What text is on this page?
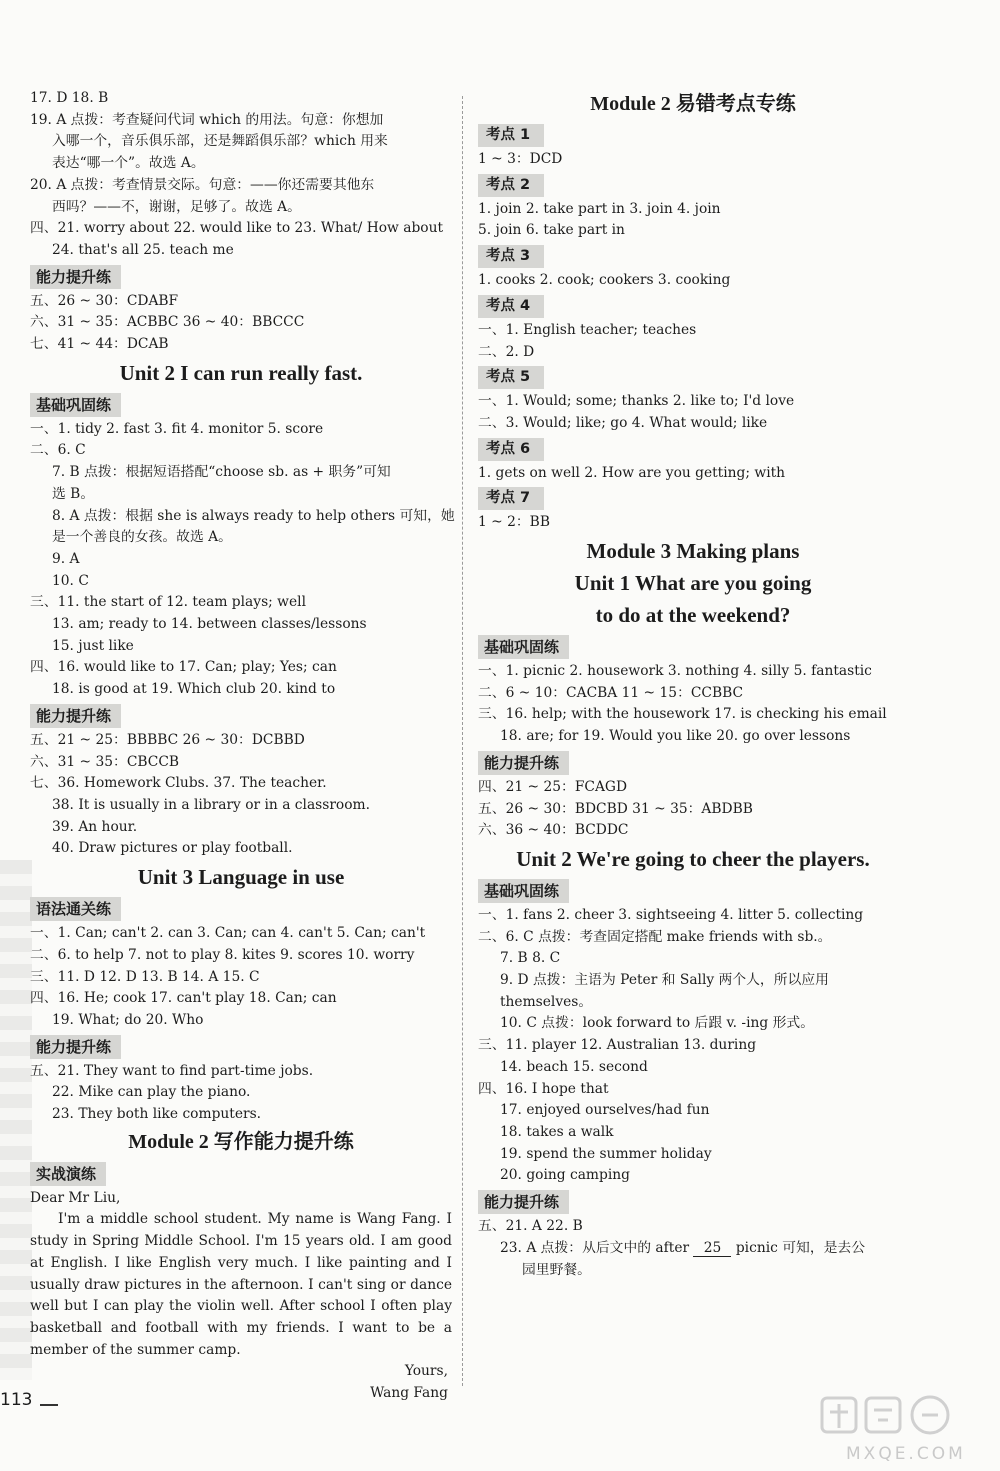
17. D 18. B
19. A 点拨：考查疑问代词 which 的用法。句意：你想加
入哪一个，音乐俱乐部，还是舞蹈俱乐部？which 用来
表达“哪一个”。故选 A。
20. A 点拨：考查情景交际。句意：——你还需要其他东
西吗？——不，谢谢，足够了。故选 A。
四、21. worry about 22. would like to 23. What/ How about
24. that's all 25. teach me
能力提升练
五、26 ~ 30：CDABF
六、31 ~ 35：ACBBC 36 ~ 40：BBCCC
七、41 ~ 44：DCAB
Unit 2 I can run really fast.
基础巩固练
一、1. tidy 2. fast 3. fit 4. monitor 5. score
二、6. C
7. B 点拨：根据短语搭配“choose sb. as + 职务”可知
选 B。
8. A 点拨：根据 she is always ready to help others 可知，她
是一个善良的女孩。故选 A。
9. A
10. C
三、11. the start of 12. team plays; well
13. am; ready to 14. between classes/lessons
15. just like
四、16. would like to 17. Can; play; Yes; can
18. is good at 19. Which club 20. kind to
能力提升练
五、21 ~ 25：BBBBC 26 ~ 30：DCBBD
六、31 ~ 35：CBCCB
七、36. Homework Clubs. 37. The teacher.
38. It is usually in a library or in a classroom.
39. An hour.
40. Draw pictures or play football.
Unit 3 Language in use
语法通关练
一、1. Can; can't 2. can 3. Can; can 4. can't 5. Can; can't
二、6. to help 7. not to play 8. kites 9. scores 10. worry
三、11. D 12. D 13. B 14. A 15. C
四、16. He; cook 17. can't play 18. Can; can
19. What; do 20. Who
能力提升练
五、21. They want to find part-time jobs.
22. Mike can play the piano.
23. They both like computers.
Module 2 写作能力提升练
实战演练
Dear Mr Liu,
I'm a middle school student. My name is Wang Fang. I study in Spring Middle School. I'm 15 years old. I am good at English. I like English very much. I like painting and I usually draw pictures in the afternoon. I can't sing or dance well but I can play the violin well. After school I often play basketball and football with my friends. I want to be a member of the summer camp.
Yours,
Wang Fang
Module 2 易错考点专练
考点 1
1 ~ 3：DCD
考点 2
1. join 2. take part in 3. join 4. join
5. join 6. take part in
考点 3
1. cooks 2. cook; cookers 3. cooking
考点 4
一、1. English teacher; teaches
二、2. D
考点 5
一、1. Would; some; thanks 2. like to; I'd love
二、3. Would; like; go 4. What would; like
考点 6
1. gets on well 2. How are you getting; with
考点 7
1 ~ 2：BB
Module 3 Making plans
Unit 1 What are you going
to do at the weekend?
基础巩固练
一、1. picnic 2. housework 3. nothing 4. silly 5. fantastic
二、6 ~ 10：CACBA 11 ~ 15：CCBBC
三、16. help; with the housework 17. is checking his email
18. are; for 19. Would you like 20. go over lessons
能力提升练
四、21 ~ 25：FCAGD
五、26 ~ 30：BDCBD 31 ~ 35：ABDBB
六、36 ~ 40：BCDDC
Unit 2 We're going to cheer the players.
基础巩固练
一、1. fans 2. cheer 3. sightseeing 4. litter 5. collecting
二、6. C 点拨：考查固定搭配 make friends with sb.。
7. B 8. C
9. D 点拨：主语为 Peter 和 Sally 两个人，所以应用
themselves。
10. C 点拨：look forward to 后跟 v. -ing 形式。
三、11. player 12. Australian 13. during
14. beach 15. second
四、16. I hope that
17. enjoyed ourselves/had fun
18. takes a walk
19. spend the summer holiday
20. going camping
能力提升练
五、21. A 22. B
23. A 点拨：从后文中的 after 25 picnic 可知，是去公
园里野餐。
113
MXQE.COM
